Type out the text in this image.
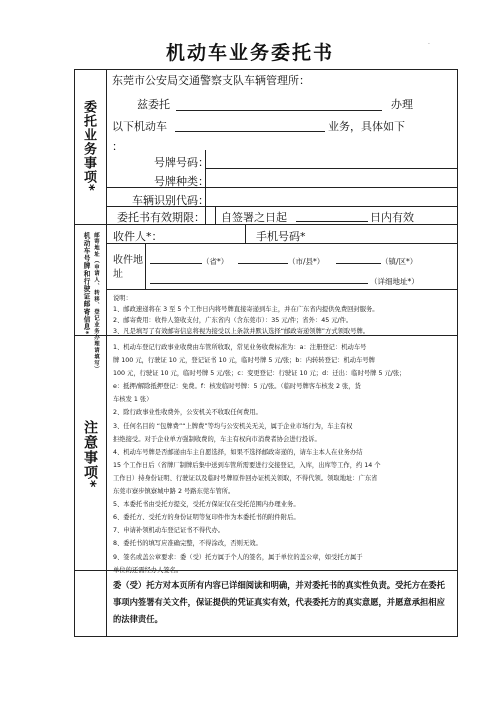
·
机动车业务委托书
委托业务事项*
邮寄地址（申请人、转移、登记业务办理请填写）
机动车号牌和行驶证邮寄信息*
注意事项*
东莞市公安局交通警察支队车辆管理所：
兹委托	办理
以下机动车	业务，具体如下
：
号牌号码：
号牌种类：
车辆识别代码：
委托书有效期限： 自签署之日起	日内有效
收件人*：	手机号码*
收件地址
（省*）	（市/县*）	（镇/区*）
（详细地址*）
说明：
1、邮政速递将在 3 至 5 个工作日内将号牌直接寄递到车主，并在广东省内提供免费回封服务。
2、邮寄费用：收件人签收支付，广东省内（含东莞市）：35 元/件；省外：45 元/件。
3、凡是填写了有效邮寄信息将视为接受以上条款并默认选择“邮政寄递领牌”方式领取号牌。
1、机动车登记行政事业收费由车管所收取，常见业务收费标准为：a：注册登记：机动车号
牌 100 元，行驶证 10 元，登记证书 10 元，临时号牌 5 元/张；b：内转转登记：机动车号牌
100 元，行驶证 10 元，临时号牌 5 元/张；c：变更登记：行驶证 10 元；d：迁出：临时号牌 5 元/张；
e：抵押/解除抵押登记：免费。f：核发临时号牌：5 元/张。（临时号牌客车核发 2 张，货
车核发 1 张）
2、除行政事业性收费外，公安机关不收取任何费用。
3、任何名目的 “包牌费”“上牌费”等均与公安机关无关，属于企业市场行为，车主有权
拒绝接受。对于企业单方强制收费的，车主有权向市消费者协会进行投诉。
4、机动车号牌是否邮递由车主自愿选择，如果不选择邮政寄递的，请车主本人在业务办结
15 个工作日后（省牌厂制牌后集中送到车管所需要进行交接登记，入库，出库等工作，约 14 个
工作日）持身份证明、行驶证以及临时号牌原件回办证机关领取，不得代领。领取地址：广东省
东莞市寮步镇寮城中路 2 号路东莞车管所。
5、本委托书由受托方提交，受托方保证仅在受托范围内办理业务。
6、委托方、受托方的身份证明等复印件作为本委托书的附件附后。
7、申请补领机动车登记证书不得代办。
8、委托书的填写应准确完整，不得涂改，否则无效。
9、签名或盖公章要求：委（受）托方属于个人的签名，属于单位的盖公章，如受托方属于
单位的还需经办人签名。
委（受）托方对本页所有内容已详细阅读和明确，并对委托书的真实性负责。受托方在委托事项内签署有关文件，保证提供的凭证真实有效，代表委托方的真实意愿，并愿意承担相应的法律责任。
